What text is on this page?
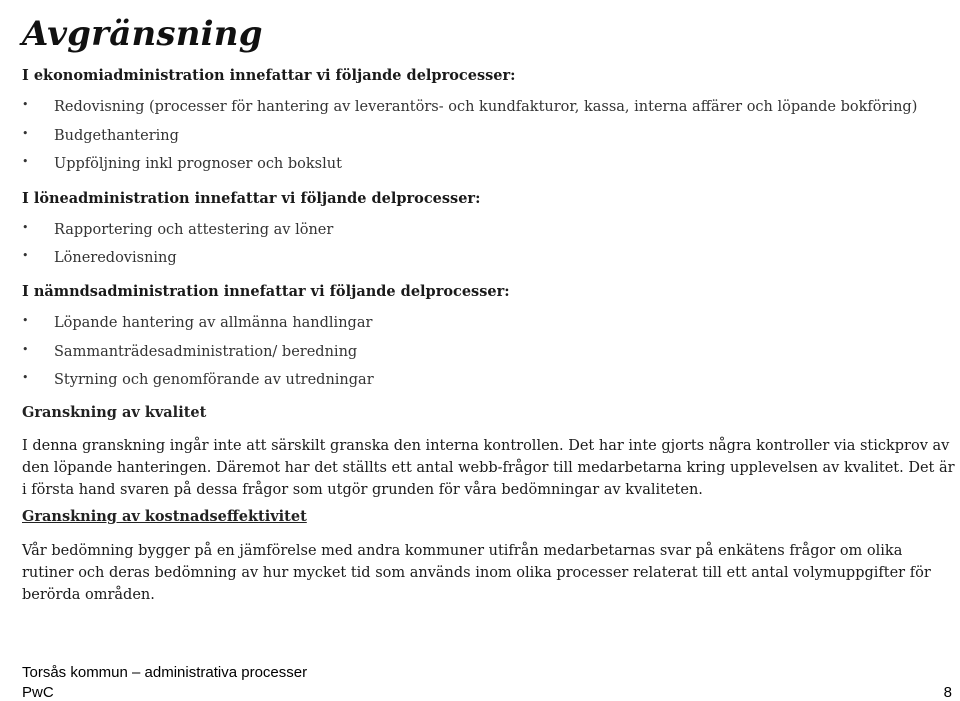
Avgränsning
I ekonomiadministration innefattar vi följande delprocesser:
• Redovisning (processer för hantering av leverantörs- och kundfakturor, kassa, interna affärer och löpande bokföring)
• Budgethantering
• Uppföljning inkl prognoser och bokslut
I löneadministration innefattar vi följande delprocesser:
• Rapportering och attestering av löner
• Löneredovisning
I nämndsadministration innefattar vi följande delprocesser:
• Löpande hantering av allmänna handlingar
• Sammanträdesadministration/ beredning
• Styrning och genomförande av utredningar
Granskning av kvalitet
I denna granskning ingår inte att särskilt granska den interna kontrollen. Det har inte gjorts några kontroller via stickprov av den löpande hanteringen. Däremot har det ställts ett antal webb-frågor till medarbetarna kring upplevelsen av kvalitet. Det är i första hand svaren på dessa frågor som utgör grunden för våra bedömningar av kvaliteten.
Granskning av kostnadseffektivitet
Vår bedömning bygger på en jämförelse med andra kommuner utifrån medarbetarnas svar på enkätens frågor om olika rutiner och deras bedömning av hur mycket tid som används inom olika processer relaterat till ett antal volymuppgifter för berörda områden.
Torsås kommun – administrativa processer
PwC	8
